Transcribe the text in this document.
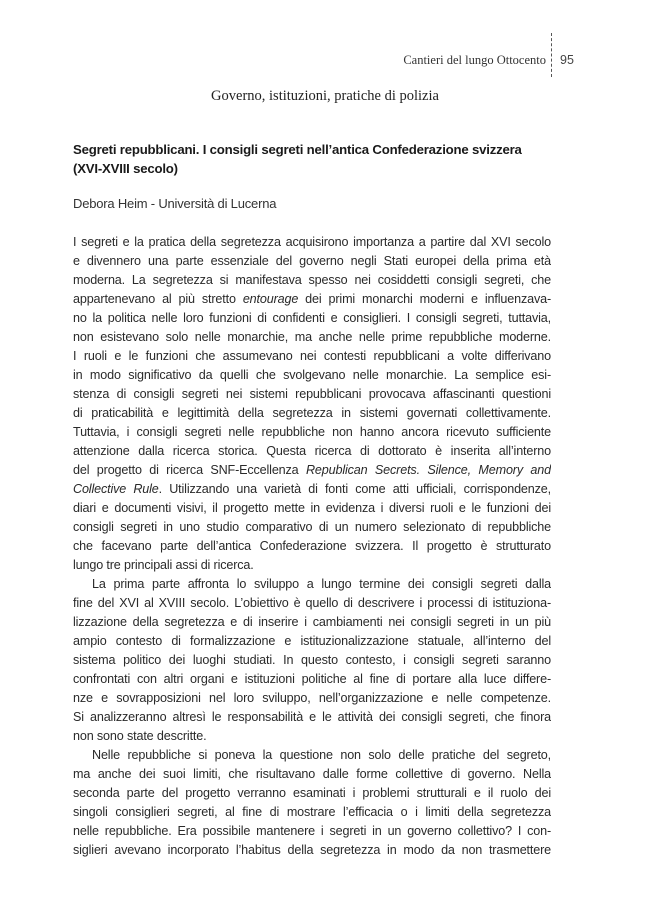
Cantieri del lungo Ottocento 95
Governo, istituzioni, pratiche di polizia
Segreti repubblicani. I consigli segreti nell’antica Confederazione svizzera
(XVI-XVIII secolo)
Debora Heim - Università di Lucerna
I segreti e la pratica della segretezza acquisirono importanza a partire dal XVI secolo
e divennero una parte essenziale del governo negli Stati europei della prima età
moderna. La segretezza si manifestava spesso nei cosiddetti consigli segreti, che
appartenevano al più stretto entourage dei primi monarchi moderni e influenzava-
no la politica nelle loro funzioni di confidenti e consiglieri. I consigli segreti, tuttavia,
non esistevano solo nelle monarchie, ma anche nelle prime repubbliche moderne.
I ruoli e le funzioni che assumevano nei contesti repubblicani a volte differivano
in modo significativo da quelli che svolgevano nelle monarchie. La semplice esi-
stenza di consigli segreti nei sistemi repubblicani provocava affascinanti questioni
di praticabilità e legittimità della segretezza in sistemi governati collettivamente.
Tuttavia, i consigli segreti nelle repubbliche non hanno ancora ricevuto sufficiente
attenzione dalla ricerca storica. Questa ricerca di dottorato è inserita all’interno
del progetto di ricerca SNF-Eccellenza Republican Secrets. Silence, Memory and
Collective Rule. Utilizzando una varietà di fonti come atti ufficiali, corrispondenze,
diari e documenti visivi, il progetto mette in evidenza i diversi ruoli e le funzioni dei
consigli segreti in uno studio comparativo di un numero selezionato di repubbliche
che facevano parte dell’antica Confederazione svizzera. Il progetto è strutturato
lungo tre principali assi di ricerca.
La prima parte affronta lo sviluppo a lungo termine dei consigli segreti dalla
fine del XVI al XVIII secolo. L’obiettivo è quello di descrivere i processi di istituziona-
lizzazione della segretezza e di inserire i cambiamenti nei consigli segreti in un più
ampio contesto di formalizzazione e istituzionalizzazione statuale, all’interno del
sistema politico dei luoghi studiati. In questo contesto, i consigli segreti saranno
confrontati con altri organi e istituzioni politiche al fine di portare alla luce differe-
nze e sovrapposizioni nel loro sviluppo, nell’organizzazione e nelle competenze.
Si analizzeranno altresì le responsabilità e le attività dei consigli segreti, che finora
non sono state descritte.
Nelle repubbliche si poneva la questione non solo delle pratiche del segreto,
ma anche dei suoi limiti, che risultavano dalle forme collettive di governo. Nella
seconda parte del progetto verranno esaminati i problemi strutturali e il ruolo dei
singoli consiglieri segreti, al fine di mostrare l’efficacia o i limiti della segretezza
nelle repubbliche. Era possibile mantenere i segreti in un governo collettivo? I con-
siglieri avevano incorporato l’habitus della segretezza in modo da non trasmettere
